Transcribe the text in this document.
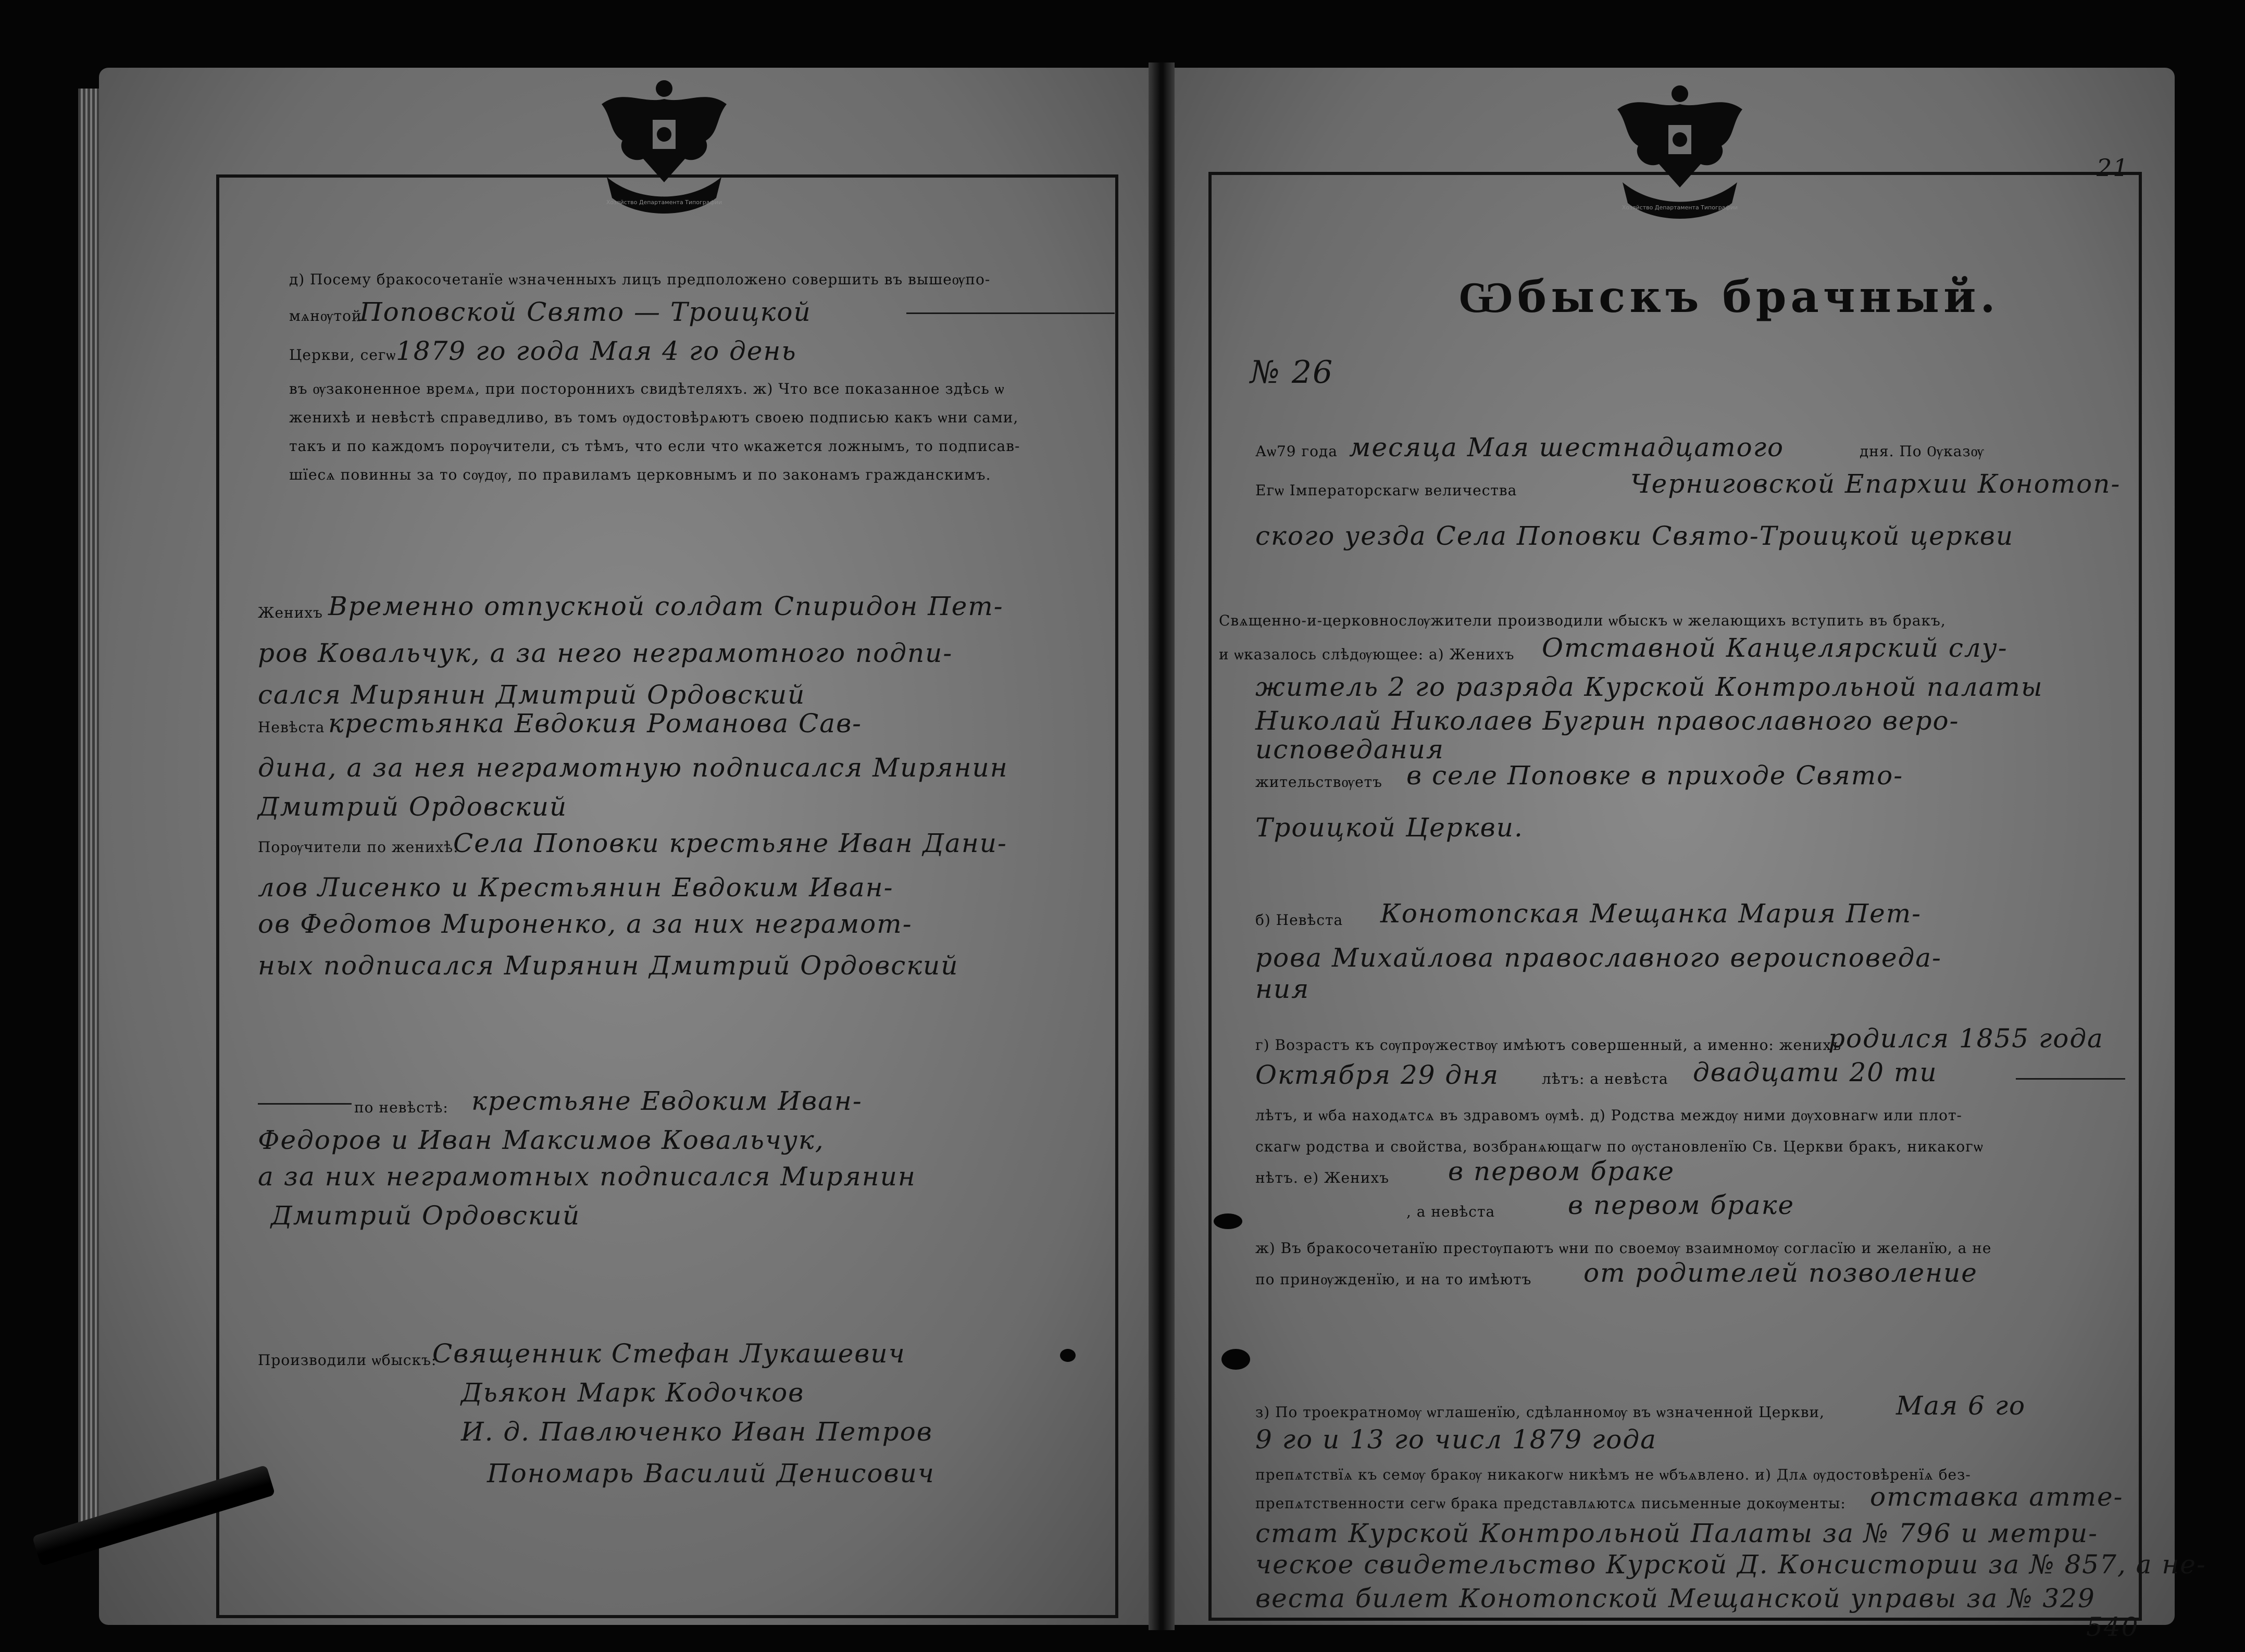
Хозяйство Департамента Типографии
Хозяйство Департамента Типографии
Ѡбыскъ брачный.
№ 26
21
д) Посему бракосочетанїе ѡзначенныхъ лицъ предположено совершить въ вышеѹпо-
мѧнѹтой
Поповской Свято — Троицкой
Церкви, сегѡ 1879 го года Мая 4 го день
въ ѹзаконенное времѧ, при постороннихъ свидѣтеляхъ. ж) Что все показанное здѣсь ѡ
женихѣ и невѣстѣ справедливо, въ томъ ѹдостовѣрѧютъ своею подписью какъ ѡни сами,
такъ и по каждомъ порѹчители, съ тѣмъ, что если что ѡкажется ложнымъ, то подписав-
шїесѧ повинны за то сѹдѹ, по правиламъ церковнымъ и по законамъ гражданскимъ.
Женихъ Временно отпускной солдат Спиридон Пет-
ров Ковальчук, а за него неграмотного подпи-
сался Мирянин Дмитрий Ордовский
Невѣста крестьянка Евдокия Романова Сав-
дина, а за нея неграмотную подписался Мирянин
Дмитрий Ордовский
Порѹчители по женихѣ:
Села Поповки крестьяне Иван Дани-
лов Лисенко и Крестьянин Евдоким Иван-
ов Федотов Мироненко, а за них неграмот-
ных подписался Мирянин Дмитрий Ордовский
по невѣстѣ: крестьяне Евдоким Иван-
Федоров и Иван Максимов Ковальчук,
а за них неграмотных подписался Мирянин
Дмитрий Ордовский
Производили ѡбыскъ:
Священник Стефан Лукашевич
Дьякон Марк Кодочков
И. д. Павлюченко Иван Петров
Пономарь Василий Денисович
Аѡ79 года месяца Мая шестнадцатого	дня. По Ѹказѹ
Егѡ Iмператорскагѡ величества	Черниговской Епархии Конотоп-
ского уезда Села Поповки Свято-Троицкой церкви
Свѧщенно-и-церковнослѹжители производили ѡбыскъ ѡ желающихъ вступить въ бракъ,
и ѡказалось слѣдѹющее: а) Женихъ Отставной Канцелярский слу-
житель 2 го разряда Курской Контрольной палаты
Николай Николаев Бугрин православного веро-
исповедания
жительствѹетъ в селе Поповке в приходе Свято-
Троицкой Церкви.
б) Невѣста Конотопская Мещанка Мария Пет-
рова Михайлова православного вероисповеда-
ния
г) Возрастъ къ сѹпрѹжествѹ имѣютъ совершенный, а именно: женихъ
родился 1855 года
Октября 29 дня	лѣтъ: а невѣста двадцати 20 ти
лѣтъ, и ѡба находѧтсѧ въ здравомъ ѹмѣ. д) Родства междѹ ними дѹховнагѡ или плот-
скагѡ родства и свойства, возбранѧющагѡ по ѹстановленїю Св. Церкви бракъ, никакогѡ
нѣтъ. е) Женихъ в первом браке
, а невѣста	в первом браке
ж) Въ бракосочетанїю престѹпаютъ ѡни по своемѹ взаимномѹ согласїю и желанїю, а не
по принѹжденїю, и на то имѣютъ от родителей позволение
з) По троекратномѹ ѡглашенїю, сдѣланномѹ въ ѡзначенной Церкви,	Мая 6 го
9 го и 13 го числ 1879 года
препѧтствїѧ къ семѹ бракѹ никакогѡ никѣмъ не ѡбъѧвлено. и) Длѧ ѹдостовѣренїѧ без-
препѧтственности сегѡ брака представлѧютсѧ письменные докѹменты: отставка атте-
стат Курской Контрольной Палаты за № 796 и метри-
ческое свидетельство Курской Д. Консистории за № 857, а не-
веста билет Конотопской Мещанской управы за № 329
540
